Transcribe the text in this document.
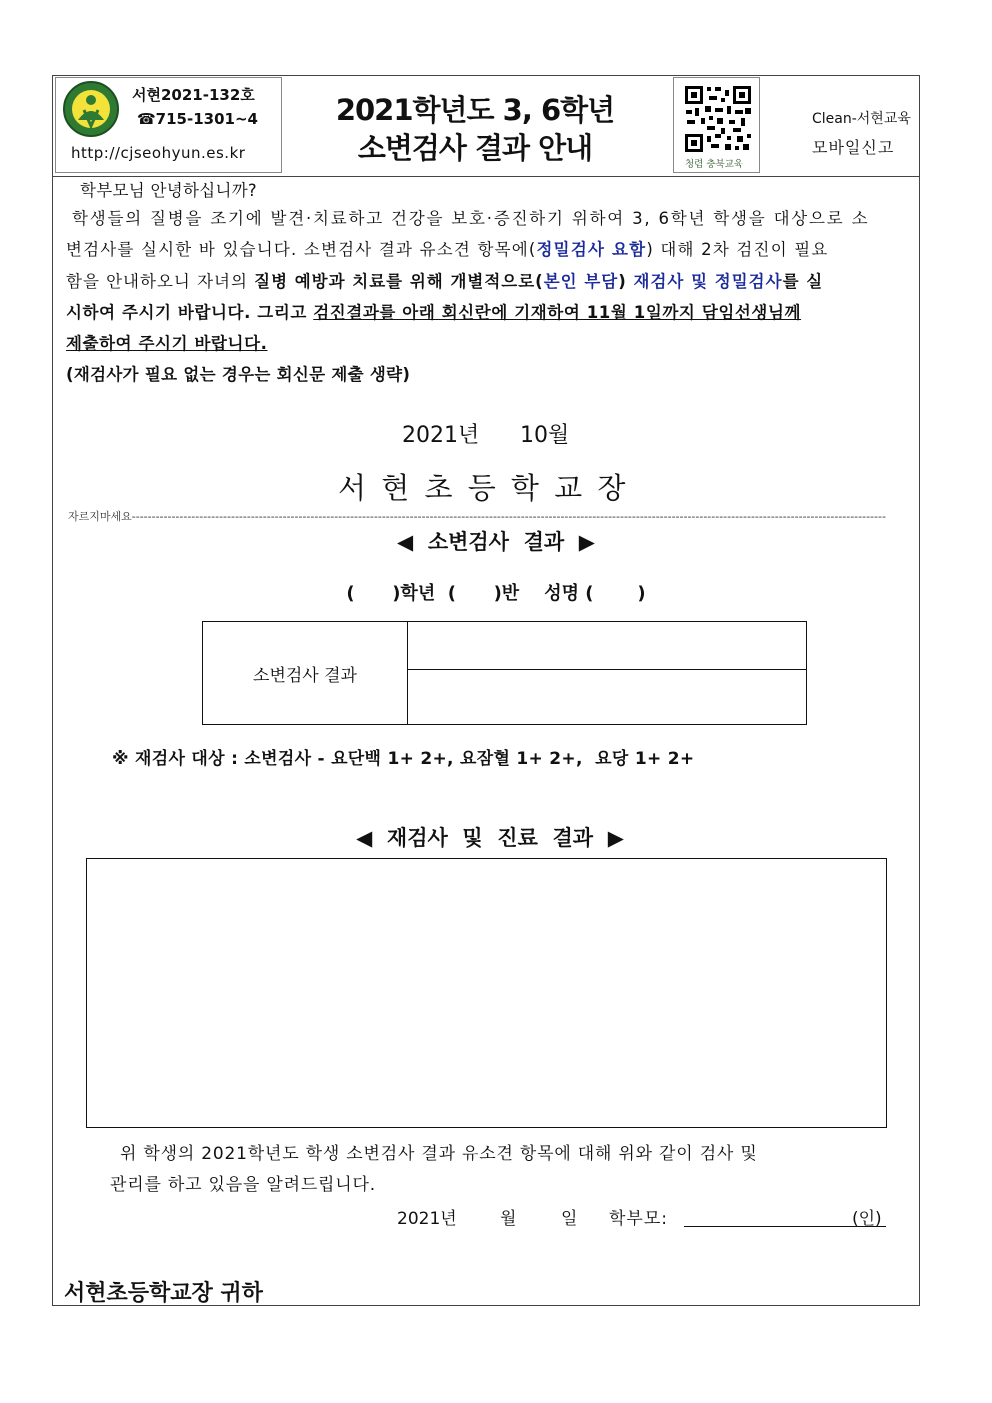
서현2021-132호
☎715-1301~4
http://cjseohyun.es.kr
2021학년도 3, 6학년
소변검사 결과 안내	청렴 충북교육
Clean-서현교육
모바일신고
학부모님 안녕하십니까?
학생들의 질병을 조기에 발견·치료하고 건강을 보호·증진하기 위하여 3, 6학년 학생을 대상으로 소
변검사를 실시한 바 있습니다. 소변검사 결과 유소견 항목에(정밀검사 요함) 대해 2차 검진이 필요
함을 안내하오니 자녀의 질병 예방과 치료를 위해 개별적으로(본인 부담) 재검사 및 정밀검사를 실
시하여 주시기 바랍니다. 그리고 검진결과를 아래 회신란에 기재하여 11월 1일까지 담임선생님께
제출하여 주시기 바랍니다.
(재검사가 필요 없는 경우는 회신문 제출 생략)
2021년 10월
서 현 초 등 학 교 장
자르지마세요----------------------------------------------------------------------------------------------------------------------------------------------------------------------------------------------
◀  소변검사  결과  ▶
(      )학년  (      )반    성명 (       )
소변검사 결과	

※ 재검사 대상 : 소변검사 - 요단백 1+ 2+, 요잠혈 1+ 2+,  요당 1+ 2+
◀  재검사  및  진료  결과  ▶
위 학생의 2021학년도 학생 소변검사 결과 유소견 항목에 대해 위와 같이 검사 및
관리를 하고 있음을 알려드립니다.
2021년	월	일 학부모:	(인)
서현초등학교장 귀하
